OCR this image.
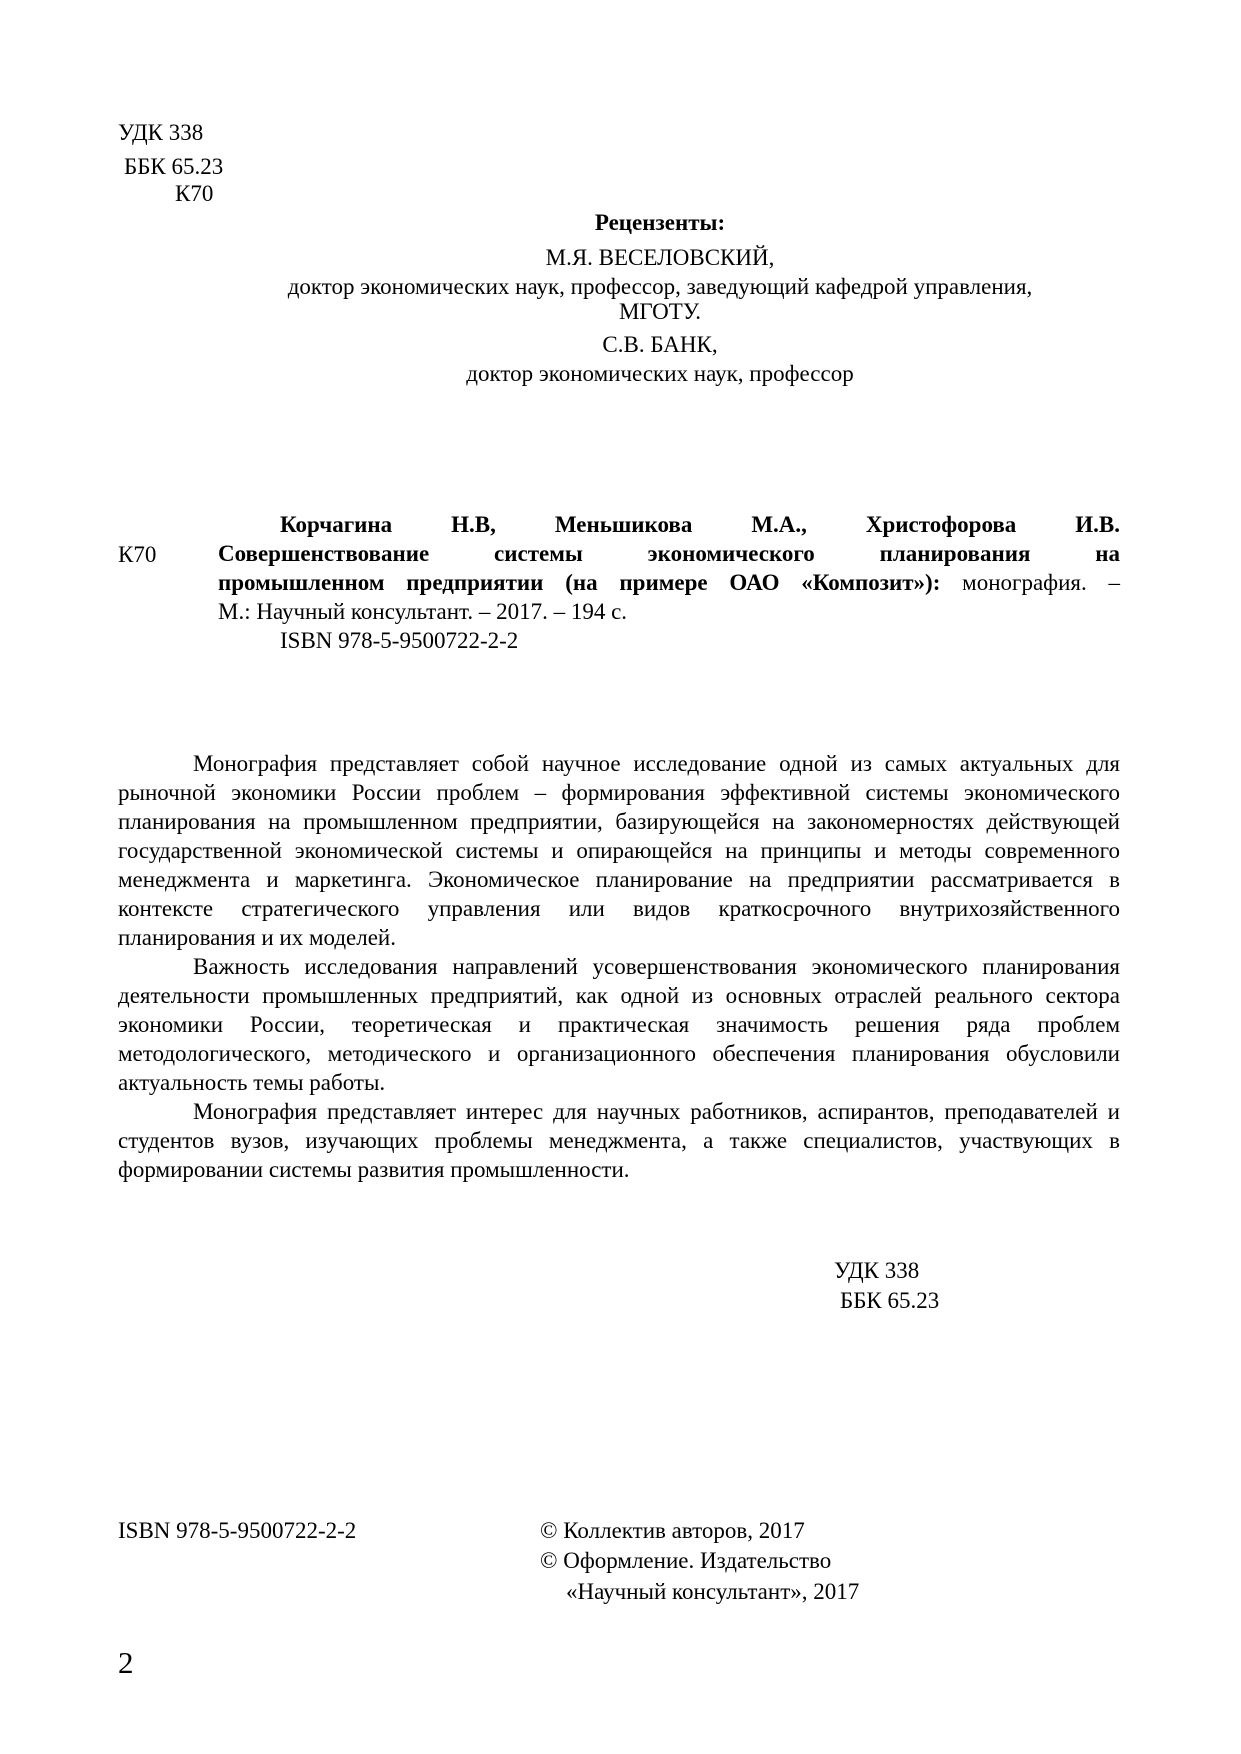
УДК 338
ББК 65.23
К70
Рецензенты:
М.Я. ВЕСЕЛОВСКИЙ,
доктор экономических наук, профессор, заведующий кафедрой управления,
МГОТУ.
С.В. БАНК,
доктор экономических наук, профессор
К70
Корчагина Н.В, Меньшикова М.А., Христофорова И.В.
Совершенствование системы экономического планирования на
промышленном предприятии (на примере ОАО «Композит»): монография. –
М.: Научный консультант. – 2017. – 194 с.
ISBN 978-5-9500722-2-2

Монография представляет собой научное исследование одной из самых актуальных для рыночной экономики России проблем – формирования эффективной системы экономического планирования на промышленном предприятии, базирующейся на закономерностях действующей государственной экономической системы и опирающейся на принципы и методы современного менеджмента и маркетинга. Экономическое планирование на предприятии рассматривается в контексте стратегического управления или видов краткосрочного внутрихозяйственного планирования и их моделей.

Важность исследования направлений усовершенствования экономического планирования деятельности промышленных предприятий, как одной из основных отраслей реального сектора экономики России, теоретическая и практическая значимость решения ряда проблем методологического, методического и организационного обеспечения планирования обусловили актуальность темы работы.

Монография представляет интерес для научных работников, аспирантов, преподавателей и студентов вузов, изучающих проблемы менеджмента, а также специалистов, участвующих в формировании системы развития промышленности.

УДК 338
ББК 65.23
ISBN 978-5-9500722-2-2	© Коллектив авторов, 2017
© Оформление. Издательство
«Научный консультант», 2017
2
